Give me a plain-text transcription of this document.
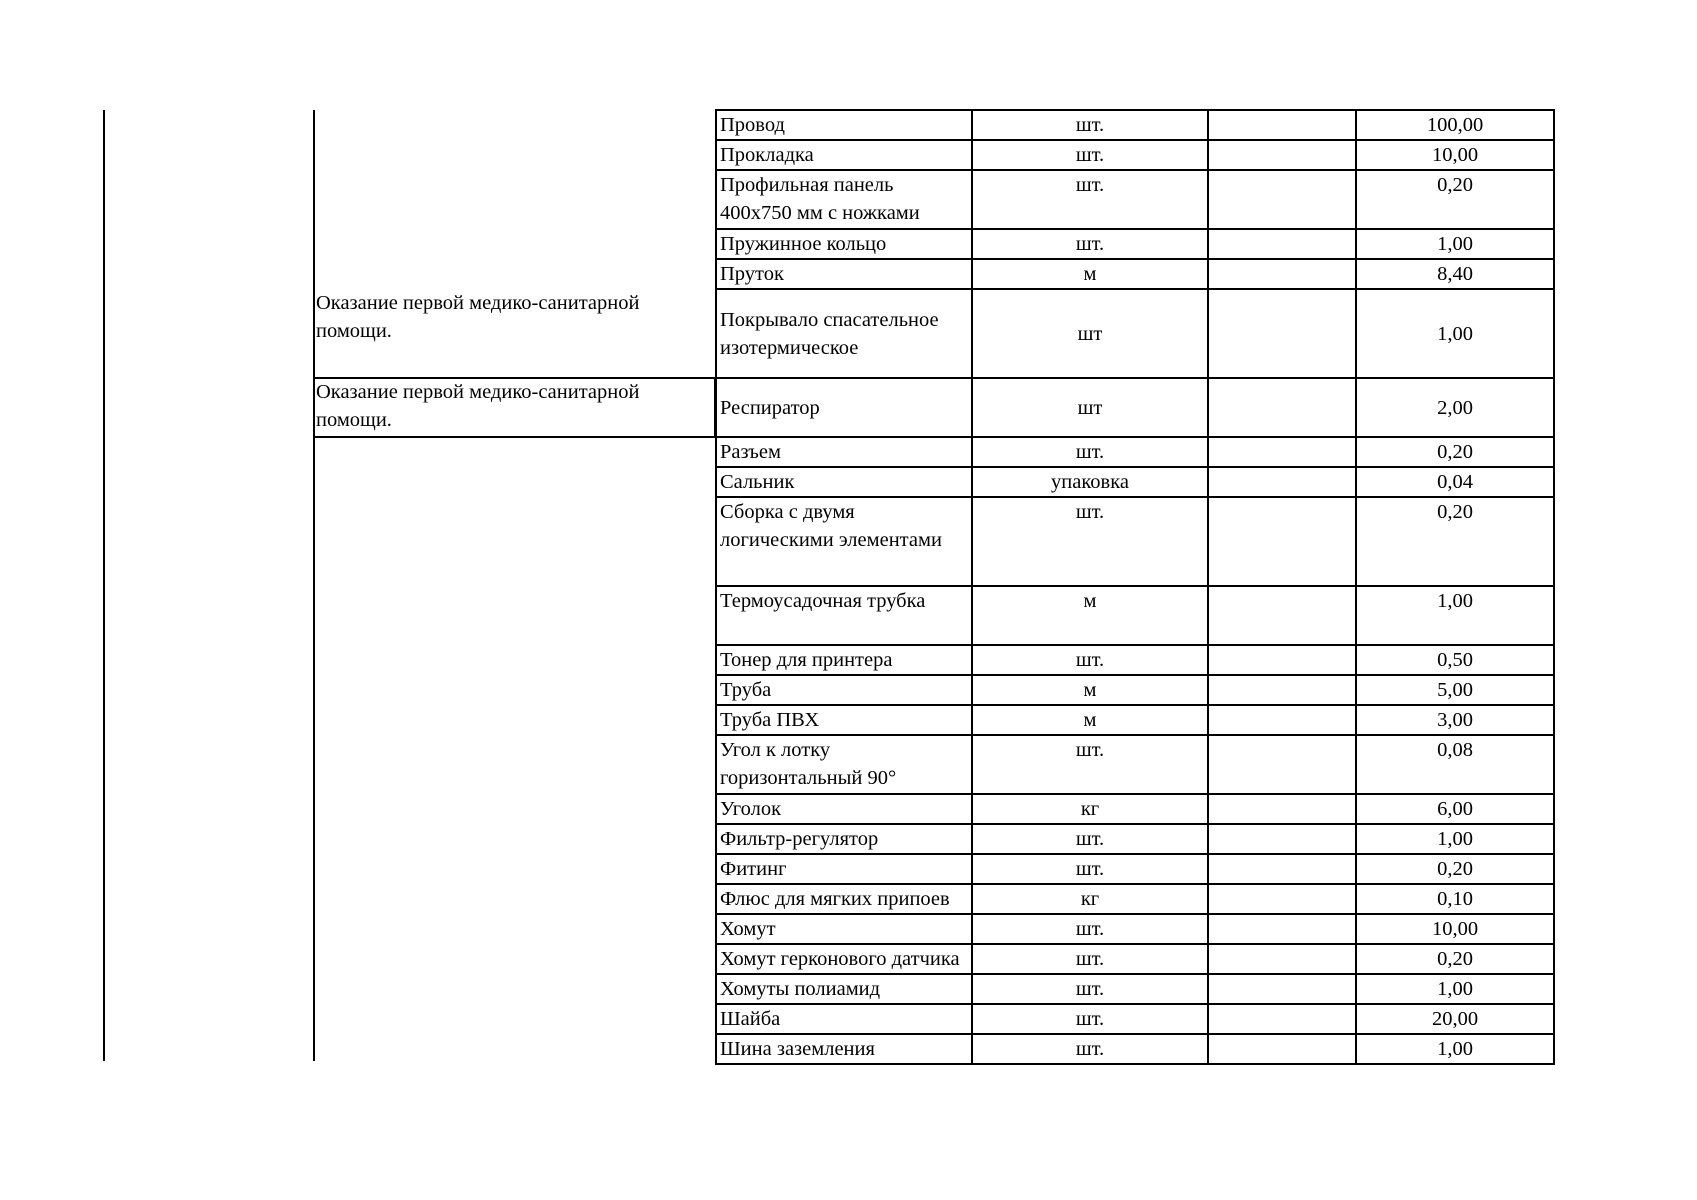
Оказание первой медико-санитарной
помощи.
Оказание первой медико-санитарной
помощи.
Провод	шт.		100,00
Прокладка	шт.		10,00
Профильная панель
400х750 мм с ножками	шт.		0,20
Пружинное кольцо	шт.		1,00
Пруток	м		8,40
Покрывало спасательное
изотермическое	шт		1,00
Респиратор	шт		2,00
Разъем	шт.		0,20
Сальник	упаковка		0,04
Сборка с двумя
логическими элементами	шт.		0,20
Термоусадочная трубка	м		1,00
Тонер для принтера	шт.		0,50
Труба	м		5,00
Труба ПВХ	м		3,00
Угол к лотку
горизонтальный 90°	шт.		0,08
Уголок	кг		6,00
Фильтр-регулятор	шт.		1,00
Фитинг	шт.		0,20
Флюс для мягких припоев	кг		0,10
Хомут	шт.		10,00
Хомут герконового датчика	шт.		0,20
Хомуты полиамид	шт.		1,00
Шайба	шт.		20,00
Шина заземления	шт.		1,00
